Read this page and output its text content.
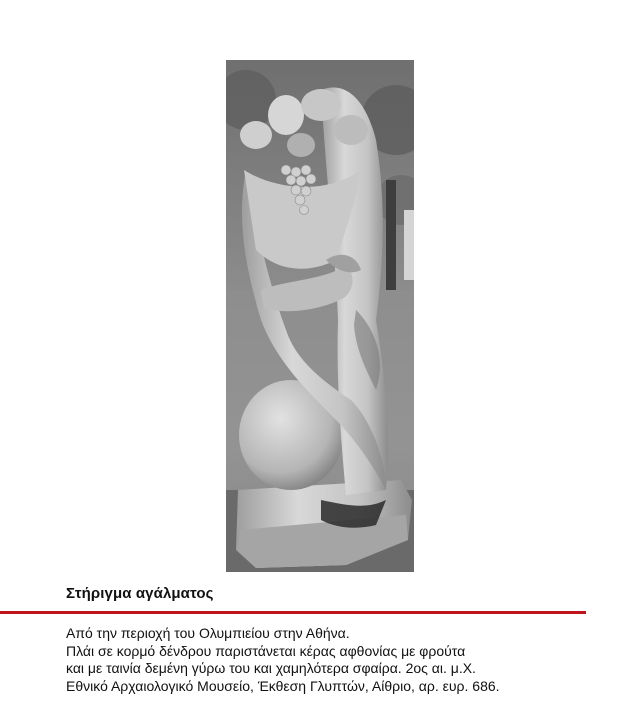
Στήριγμα αγάλματος
Από την περιοχή του Ολυμπιείου στην Αθήνα.
Πλάι σε κορμό δένδρου παριστάνεται κέρας αφθονίας με φρούτα
και με ταινία δεμένη γύρω του και χαμηλότερα σφαίρα. 2ος αι. μ.Χ.
Εθνικό Αρχαιολογικό Μουσείο, Έκθεση Γλυπτών, Αίθριο, αρ. ευρ. 686.
